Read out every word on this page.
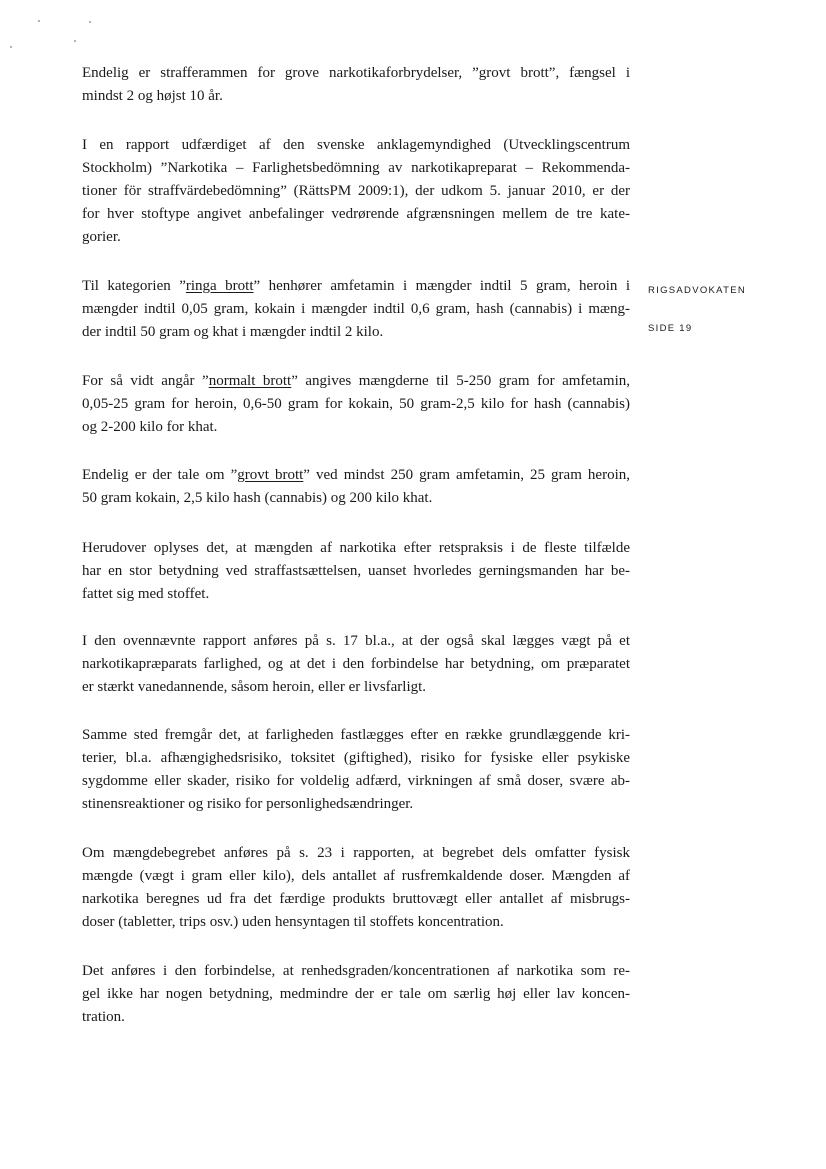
RIGSADVOKATEN
SIDE 19

Endelig er strafferammen for grove narkotikaforbrydelser, ”grovt brott”, fængsel i
mindst 2 og højst 10 år.

I en rapport udfærdiget af den svenske anklagemyndighed (Utvecklingscentrum
Stockholm) ”Narkotika – Farlighetsbedömning av narkotikapreparat – Rekommenda-
tioner för straffvärdebedömning” (RättsPM 2009:1), der udkom 5. januar 2010, er der
for hver stoftype angivet anbefalinger vedrørende afgrænsningen mellem de tre kate-
gorier.

Til kategorien ”ringa brott” henhører amfetamin i mængder indtil 5 gram, heroin i
mængder indtil 0,05 gram, kokain i mængder indtil 0,6 gram, hash (cannabis) i mæng-
der indtil 50 gram og khat i mængder indtil 2 kilo.

For så vidt angår ”normalt brott” angives mængderne til 5-250 gram for amfetamin,
0,05-25 gram for heroin, 0,6-50 gram for kokain, 50 gram-2,5 kilo for hash (cannabis)
og 2-200 kilo for khat.

Endelig er der tale om ”grovt brott” ved mindst 250 gram amfetamin, 25 gram heroin,
50 gram kokain, 2,5 kilo hash (cannabis) og 200 kilo khat.

Herudover oplyses det, at mængden af narkotika efter retspraksis i de fleste tilfælde
har en stor betydning ved straffastsættelsen, uanset hvorledes gerningsmanden har be-
fattet sig med stoffet.

I den ovennævnte rapport anføres på s. 17 bl.a., at der også skal lægges vægt på et
narkotikapræparats farlighed, og at det i den forbindelse har betydning, om præparatet
er stærkt vanedannende, såsom heroin, eller er livsfarligt.

Samme sted fremgår det, at farligheden fastlægges efter en række grundlæggende kri-
terier, bl.a. afhængighedsrisiko, toksitet (giftighed), risiko for fysiske eller psykiske
sygdomme eller skader, risiko for voldelig adfærd, virkningen af små doser, svære ab-
stinensreaktioner og risiko for personlighedsændringer.

Om mængdebegrebet anføres på s. 23 i rapporten, at begrebet dels omfatter fysisk
mængde (vægt i gram eller kilo), dels antallet af rusfremkaldende doser. Mængden af
narkotika beregnes ud fra det færdige produkts bruttovægt eller antallet af misbrugs-
doser (tabletter, trips osv.) uden hensyntagen til stoffets koncentration.

Det anføres i den forbindelse, at renhedsgraden/koncentrationen af narkotika som re-
gel ikke har nogen betydning, medmindre der er tale om særlig høj eller lav koncen-
tration.
